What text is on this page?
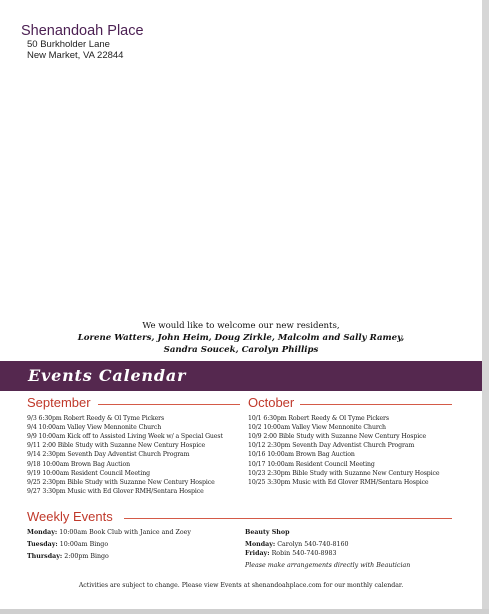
Shenandoah Place
50 Burkholder Lane
New Market, VA 22844
We would like to welcome our new residents,
Lorene Watters, John Heim, Doug Zirkle, Malcolm and Sally Ramey,
Sandra Soucek, Carolyn Phillips
Events Calendar
September
9/3 6:30pm Robert Reedy & Ol Tyme Pickers
9/4 10:00am Valley View Mennonite Church
9/9 10:00am Kick off to Assisted Living Week w/ a Special Guest
9/11 2:00 Bible Study with Suzanne New Century Hospice
9/14 2:30pm Seventh Day Adventist Church Program
9/18 10:00am Brown Bag Auction
9/19 10:00am Resident Council Meeting
9/25 2:30pm Bible Study with Suzanne New Century Hospice
9/27 3:30pm Music with Ed Glover RMH/Sentara Hospice
October
10/1 6:30pm Robert Reedy & Ol Tyme Pickers
10/2 10:00am Valley View Mennonite Church
10/9 2:00 Bible Study with Suzanne New Century Hospice
10/12 2:30pm Seventh Day Adventist Church Program
10/16 10:00am Brown Bag Auction
10/17 10:00am Resident Council Meeting
10/23 2:30pm Bible Study with Suzanne New Century Hospice
10/25 3:30pm Music with Ed Glover RMH/Sentara Hospice
Weekly Events
Monday: 10:00am Book Club with Janice and Zoey
Tuesday: 10:00am Bingo
Thursday: 2:00pm Bingo
Beauty Shop
Monday: Carolyn 540-740-8160
Friday: Robin 540-740-8983
Please make arrangements directly with Beautician
Activities are subject to change. Please view Events at shenandoahplace.com for our monthly calendar.
